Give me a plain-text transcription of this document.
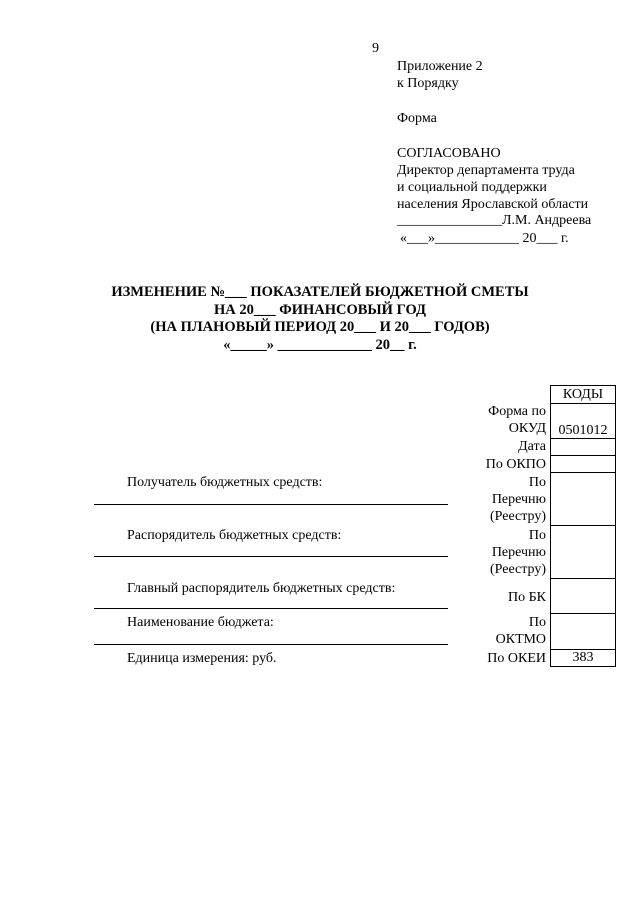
9
Приложение 2
к Порядку
Форма
СОГЛАСОВАНО
Директор департамента труда
и социальной поддержки
населения Ярославской области
_______________Л.М. Андреева
«___»____________ 20___ г.
ИЗМЕНЕНИЕ №___ ПОКАЗАТЕЛЕЙ БЮДЖЕТНОЙ СМЕТЫ
НА 20___ ФИНАНСОВЫЙ ГОД
(НА ПЛАНОВЫЙ ПЕРИОД 20___ И 20___ ГОДОВ)
«_____» _____________ 20__ г.
КОДЫ
0501012
383
Форма по
ОКУД
Дата
По ОКПО
По
Перечню
(Реестру)
По
Перечню
(Реестру)
По БК
По
ОКТМО
По ОКЕИ
Получатель бюджетных средств:
Распорядитель бюджетных средств:
Главный распорядитель бюджетных средств:
Наименование бюджета:
Единица измерения: руб.
